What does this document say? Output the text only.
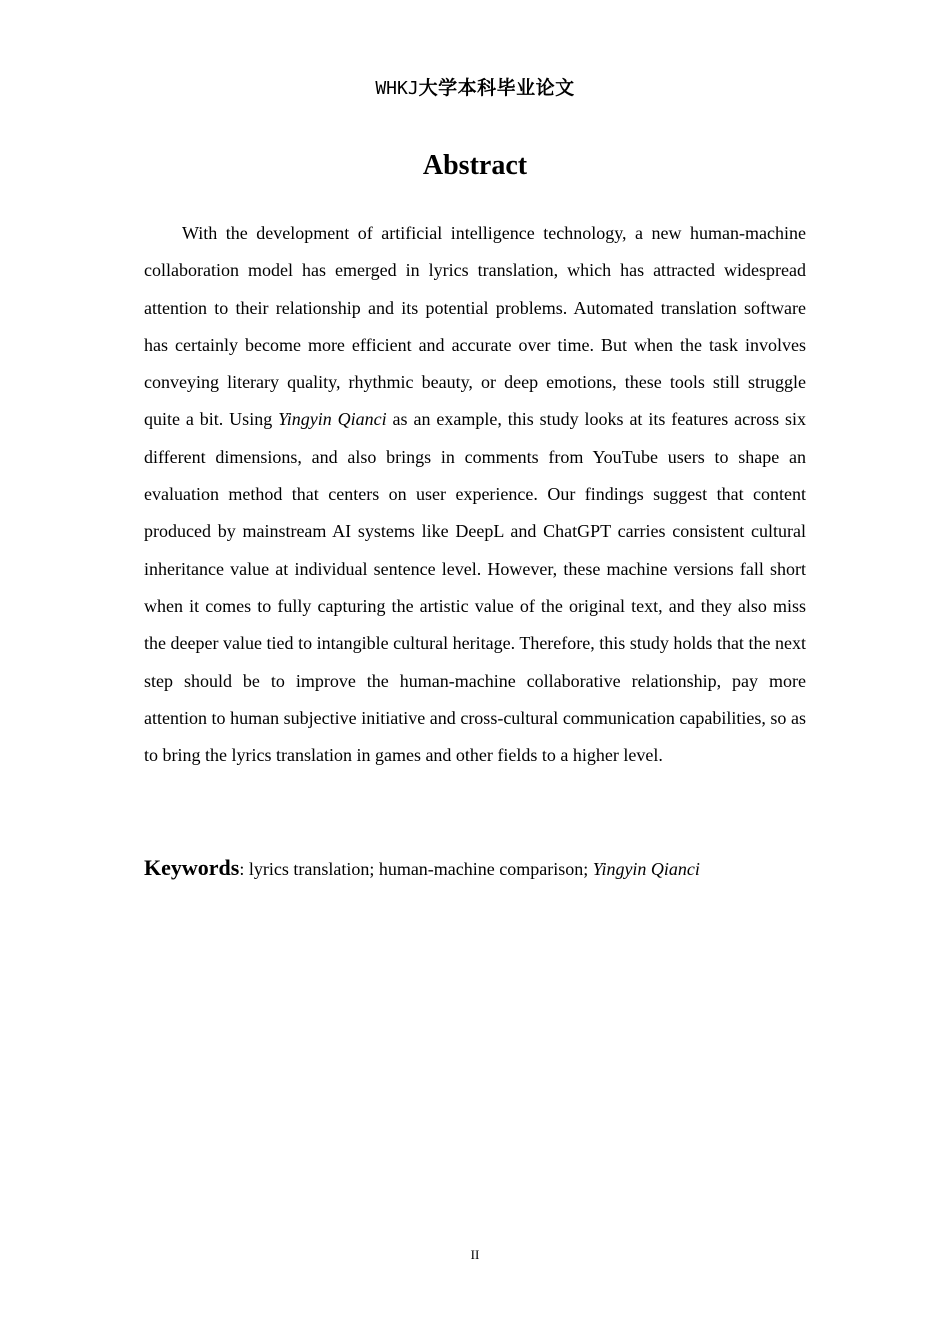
WHKJ大学本科毕业论文
Abstract

With the development of artificial intelligence technology, a new human-machine collaboration model has emerged in lyrics translation, which has attracted widespread attention to their relationship and its potential problems. Automated translation software has certainly become more efficient and accurate over time. But when the task involves conveying literary quality, rhythmic beauty, or deep emotions, these tools still struggle quite a bit. Using Yingyin Qianci as an example, this study looks at its features across six different dimensions, and also brings in comments from YouTube users to shape an evaluation method that centers on user experience. Our findings suggest that content produced by mainstream AI systems like DeepL and ChatGPT carries consistent cultural inheritance value at individual sentence level. However, these machine versions fall short when it comes to fully capturing the artistic value of the original text, and they also miss the deeper value tied to intangible cultural heritage. Therefore, this study holds that the next step should be to improve the human-machine collaborative relationship, pay more attention to human subjective initiative and cross-cultural communication capabilities, so as to bring the lyrics translation in games and other fields to a higher level.

Keywords: lyrics translation; human-machine comparison; Yingyin Qianci

II
